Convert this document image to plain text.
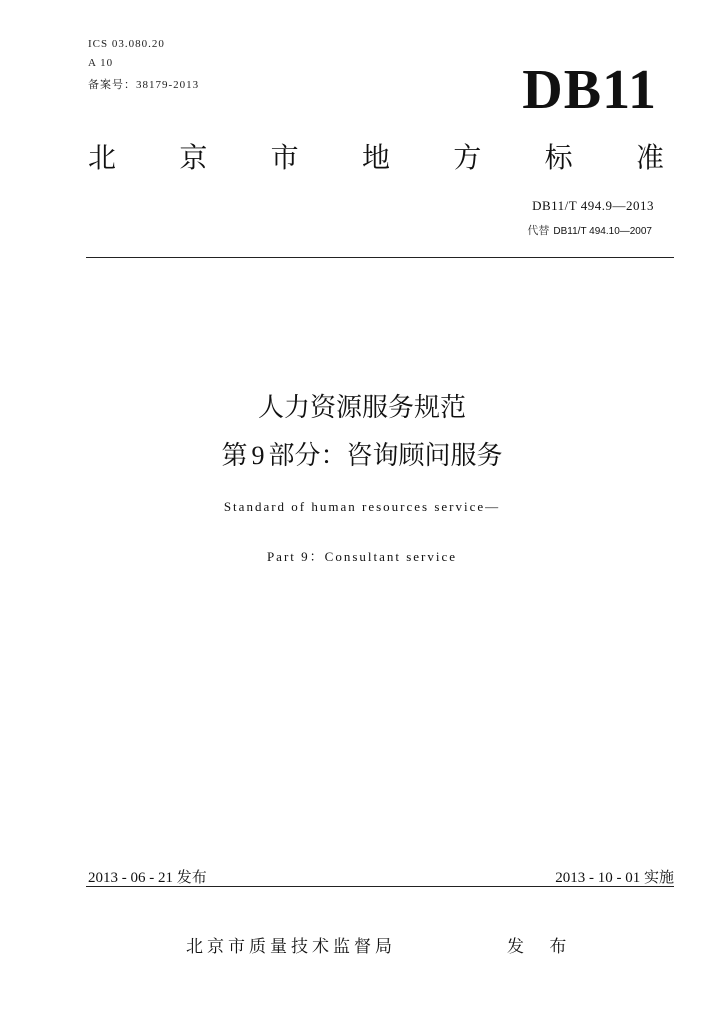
ICS 03.080.20
A 10
备案号：38179-2013	DB11
北 京 市 地 方 标 准
DB11/T 494.9—2013
代替 DB11/T 494.10—2007
人力资源服务规范
第 9 部分：咨询顾问服务
Standard of human resources service—
Part 9：Consultant service
2013 - 06 - 21 发布	2013 - 10 - 01 实施
北京市质量技术监督局	发 布
